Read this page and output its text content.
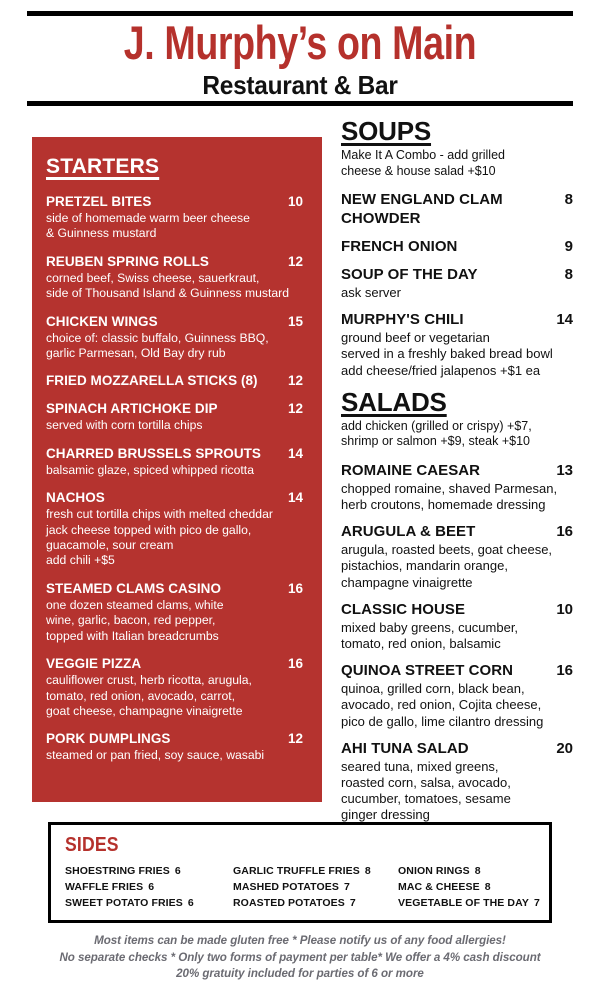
J. Murphy’s on Main
Restaurant & Bar
STARTERS
PRETZEL BITES	10
side of homemade warm beer cheese
& Guinness mustard
REUBEN SPRING ROLLS	12
corned beef, Swiss cheese, sauerkraut,
side of Thousand Island & Guinness mustard
CHICKEN WINGS	15
choice of: classic buffalo, Guinness BBQ,
garlic Parmesan, Old Bay dry rub
FRIED MOZZARELLA STICKS (8)	12
SPINACH ARTICHOKE DIP	12
served with corn tortilla chips
CHARRED BRUSSELS SPROUTS	14
balsamic glaze, spiced whipped ricotta
NACHOS	14
fresh cut tortilla chips with melted cheddar
jack cheese topped with pico de gallo,
guacamole, sour cream
add chili +$5
STEAMED CLAMS CASINO	16
one dozen steamed clams, white
wine, garlic, bacon, red pepper,
topped with Italian breadcrumbs
VEGGIE PIZZA	16
cauliflower crust, herb ricotta, arugula,
tomato, red onion, avocado, carrot,
goat cheese, champagne vinaigrette
PORK DUMPLINGS	12
steamed or pan fried, soy sauce, wasabi
SOUPS
Make It A Combo - add grilled
cheese & house salad +$10
NEW ENGLAND CLAM CHOWDER
8
FRENCH ONION	9
SOUP OF THE DAY	8
ask server
MURPHY'S CHILI	14
ground beef or vegetarian
served in a freshly baked bread bowl
add cheese/fried jalapenos +$1 ea
SALADS
add chicken (grilled or crispy) +$7,
shrimp or salmon +$9, steak +$10
ROMAINE CAESAR	13
chopped romaine, shaved Parmesan,
herb croutons, homemade dressing
ARUGULA & BEET	16
arugula, roasted beets, goat cheese,
pistachios, mandarin orange,
champagne vinaigrette
CLASSIC HOUSE	10
mixed baby greens, cucumber,
tomato, red onion, balsamic
QUINOA STREET CORN	16
quinoa, grilled corn, black bean,
avocado, red onion, Cojita cheese,
pico de gallo, lime cilantro dressing
AHI TUNA SALAD	20
seared tuna, mixed greens,
roasted corn, salsa, avocado,
cucumber, tomatoes, sesame
ginger dressing
SIDES
SHOESTRING FRIES 6
WAFFLE FRIES 6
SWEET POTATO FRIES 6
GARLIC TRUFFLE FRIES 8
MASHED POTATOES 7
ROASTED POTATOES 7
ONION RINGS 8
MAC & CHEESE 8
VEGETABLE OF THE DAY 7
Most items can be made gluten free * Please notify us of any food allergies!
No separate checks * Only two forms of payment per table* We offer a 4% cash discount
20% gratuity included for parties of 6 or more
